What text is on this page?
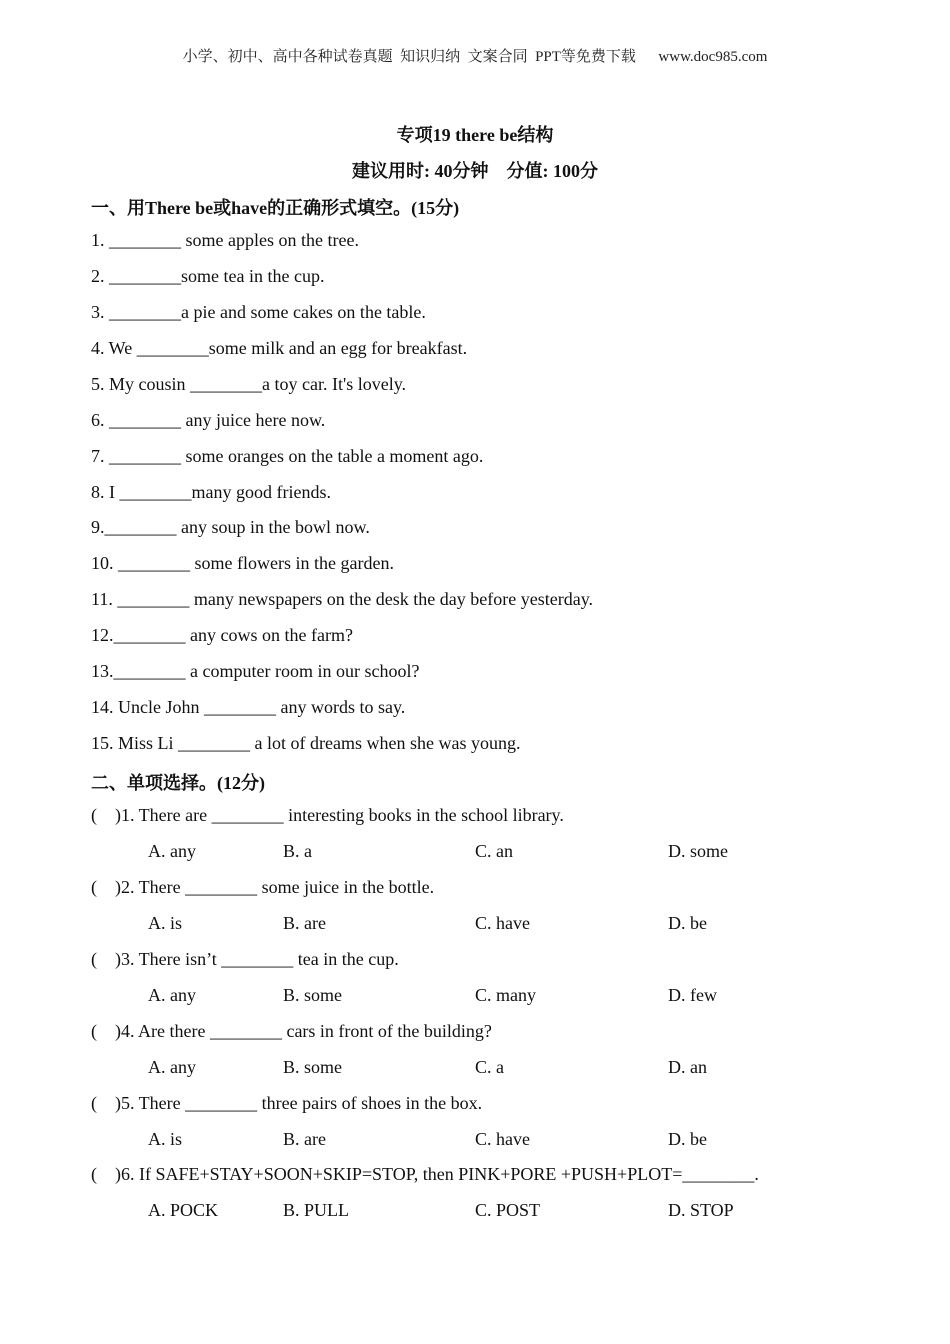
小学、初中、高中各种试卷真题  知识归纳  文案合同  PPT等免费下载      www.doc985.com
专项19 there be结构
建议用时: 40分钟    分值: 100分
一、用There be或have的正确形式填空。(15分)
1. ________ some apples on the tree.
2. ________some tea in the cup.
3. ________a pie and some cakes on the table.
4. We ________some milk and an egg for breakfast.
5. My cousin ________a toy car. It's lovely.
6. ________ any juice here now.
7. ________ some oranges on the table a moment ago.
8. I ________many good friends.
9.________ any soup in the bowl now.
10. ________ some flowers in the garden.
11. ________ many newspapers on the desk the day before yesterday.
12.________ any cows on the farm?
13.________ a computer room in our school?
14. Uncle John ________ any words to say.
15. Miss Li ________ a lot of dreams when she was young.
二、单项选择。(12分)
(    )1. There are ________ interesting books in the school library.
A. any	B. a	C. an	D. some
(    )2. There ________ some juice in the bottle.
A. is	B. are	C. have	D. be
(    )3. There isn’t ________ tea in the cup.
A. any	B. some	C. many	D. few
(    )4. Are there ________ cars in front of the building?
A. any	B. some	C. a	D. an
(    )5. There ________ three pairs of shoes in the box.
A. is	B. are	C. have	D. be
(    )6. If SAFE+STAY+SOON+SKIP=STOP, then PINK+PORE +PUSH+PLOT=________.
A. POCK	B. PULL	C. POST	D. STOP
